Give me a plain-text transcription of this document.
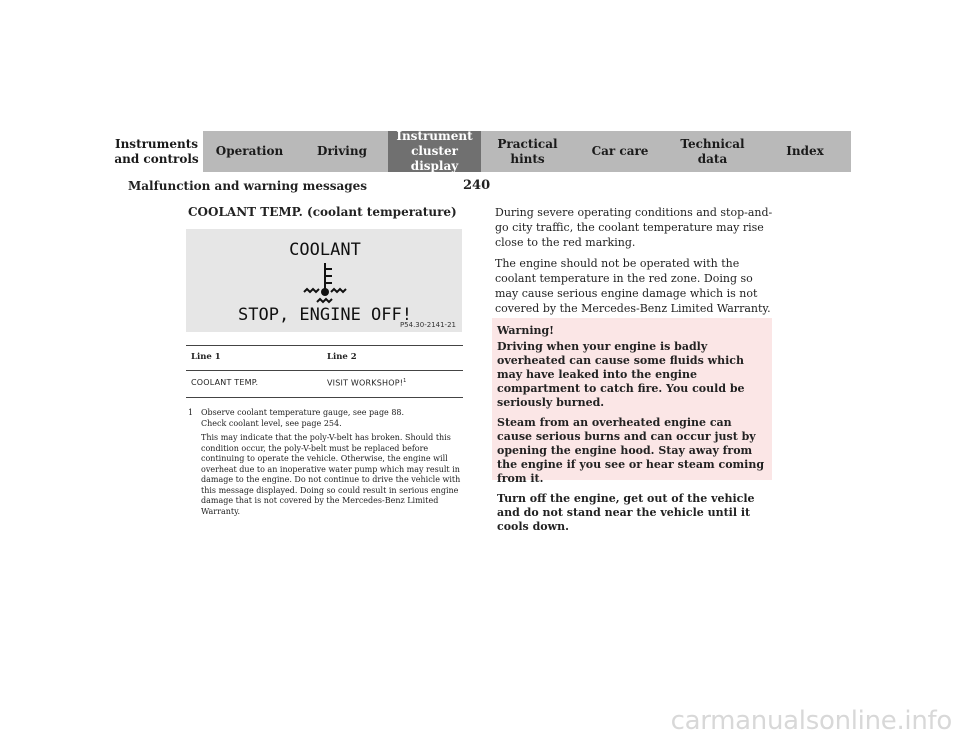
Instruments and controls
Operation	Driving
Instrument cluster display
Practical hints
Car care
Technical data
Index
Malfunction and warning messages	240
COOLANT TEMP. (coolant temperature)
COOLANT
STOP, ENGINE OFF!
P54.30-2141-21
Line 1	Line 2
COOLANT TEMP.	VISIT WORKSHOP!$^1$
1 Observe coolant temperature gauge, see page 88.

Check coolant level, see page 254.

This may indicate that the poly-V-belt has broken. Should this condition occur, the poly-V-belt must be replaced before continuing to operate the vehicle. Otherwise, the engine will overheat due to an inoperative water pump which may result in damage to the engine. Do not continue to drive the vehicle with this message displayed. Doing so could result in serious engine damage that is not covered by the Mercedes-Benz Limited Warranty.

During severe operating conditions and stop-and-go city traffic, the coolant temperature may rise close to the red marking.

The engine should not be operated with the coolant temperature in the red zone. Doing so may cause serious engine damage which is not covered by the Mercedes-Benz Limited Warranty.

Warning!

Driving when your engine is badly overheated can cause some fluids which may have leaked into the engine compartment to catch fire. You could be seriously burned.

Steam from an overheated engine can cause serious burns and can occur just by opening the engine hood. Stay away from the engine if you see or hear steam coming from it.

Turn off the engine, get out of the vehicle and do not stand near the vehicle until it cools down.

carmanualsonline.info
